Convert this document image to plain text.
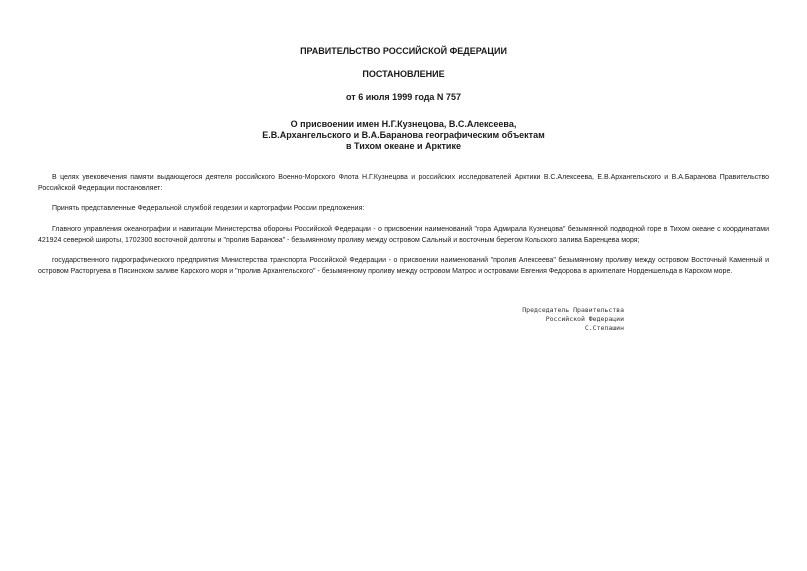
ПРАВИТЕЛЬСТВО РОССИЙСКОЙ ФЕДЕРАЦИИ
ПОСТАНОВЛЕНИЕ
от 6 июля 1999 года N 757
О присвоении имен Н.Г.Кузнецова, В.С.Алексеева,
Е.В.Архангельского и В.А.Баранова географическим объектам
в Тихом океане и Арктике

В целях увековечения памяти выдающегося деятеля российского Военно-Морского Флота Н.Г.Кузнецова и российских исследователей Арктики В.С.Алексеева, Е.В.Архангельского и В.А.Баранова Правительство Российской Федерации постановляет:

Принять представленные Федеральной службой геодезии и картографии России предложения:

Главного управления океанографии и навигации Министерства обороны Российской Федерации - о присвоении наименований "гора Адмирала Кузнецова" безымянной подводной горе в Тихом океане с координатами 421924 северной широты, 1702300 восточной долготы и "пролив Баранова" - безымянному проливу между островом Сальный и восточным берегом Кольского залива Баренцева моря;

государственного гидрографического предприятия Министерства транспорта Российской Федерации - о присвоении наименований "пролив Алексеева" безымянному проливу между островом Восточный Каменный и островом Расторгуева в Пясинском заливе Карского моря и "пролив Архангельского" - безымянному проливу между островом Матрос и островами Евгения Федорова в архипелаге Норденшельда в Карском море.

Председатель Правительства
Российской Федерации
С.Степашин
